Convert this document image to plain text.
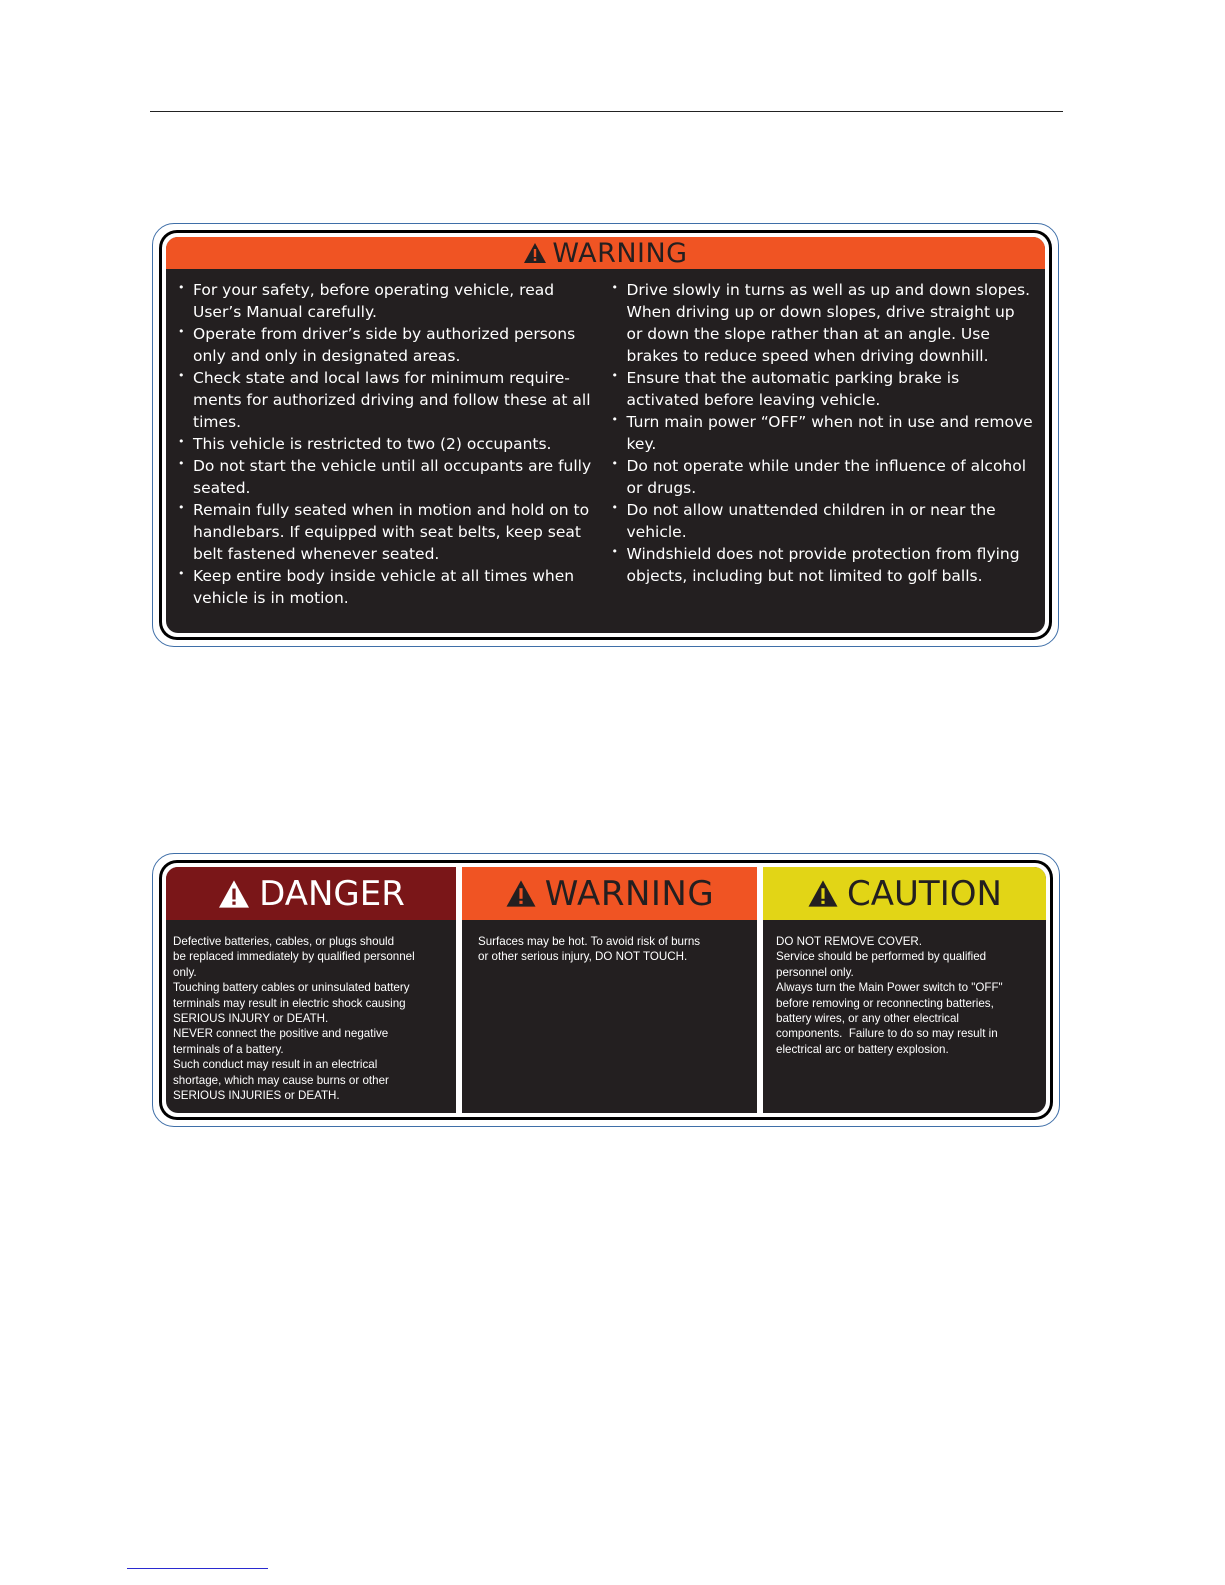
WARNING
• For your safety, before operating vehicle, read User’s Manual carefully.
• Operate from driver’s side by authorized persons only and only in designated areas.
• Check state and local laws for minimum require-ments for authorized driving and follow these at all times.
• This vehicle is restricted to two (2) occupants.
• Do not start the vehicle until all occupants are fully seated.
• Remain fully seated when in motion and hold on to handlebars. If equipped with seat belts, keep seat belt fastened whenever seated.
• Keep entire body inside vehicle at all times when vehicle is in motion.
• Drive slowly in turns as well as up and down slopes. When driving up or down slopes, drive straight up or down the slope rather than at an angle. Use brakes to reduce speed when driving downhill.
• Ensure that the automatic parking brake is activated before leaving vehicle.
• Turn main power “OFF” when not in use and remove key.
• Do not operate while under the influence of alcohol or drugs.
• Do not allow unattended children in or near the vehicle.
• Windshield does not provide protection from flying objects, including but not limited to golf balls.
DANGER
Defective batteries, cables, or plugs should
be replaced immediately by qualified personnel
only.
Touching battery cables or uninsulated battery
terminals may result in electric shock causing
SERIOUS INJURY or DEATH.
NEVER connect the positive and negative
terminals of a battery.
Such conduct may result in an electrical
shortage, which may cause burns or other
SERIOUS INJURIES or DEATH.
WARNING
Surfaces may be hot. To avoid risk of burns
or other serious injury, DO NOT TOUCH.
CAUTION
DO NOT REMOVE COVER.
Service should be performed by qualified
personnel only.
Always turn the Main Power switch to "OFF"
before removing or reconnecting batteries,
battery wires, or any other electrical
components.  Failure to do so may result in
electrical arc or battery explosion.
